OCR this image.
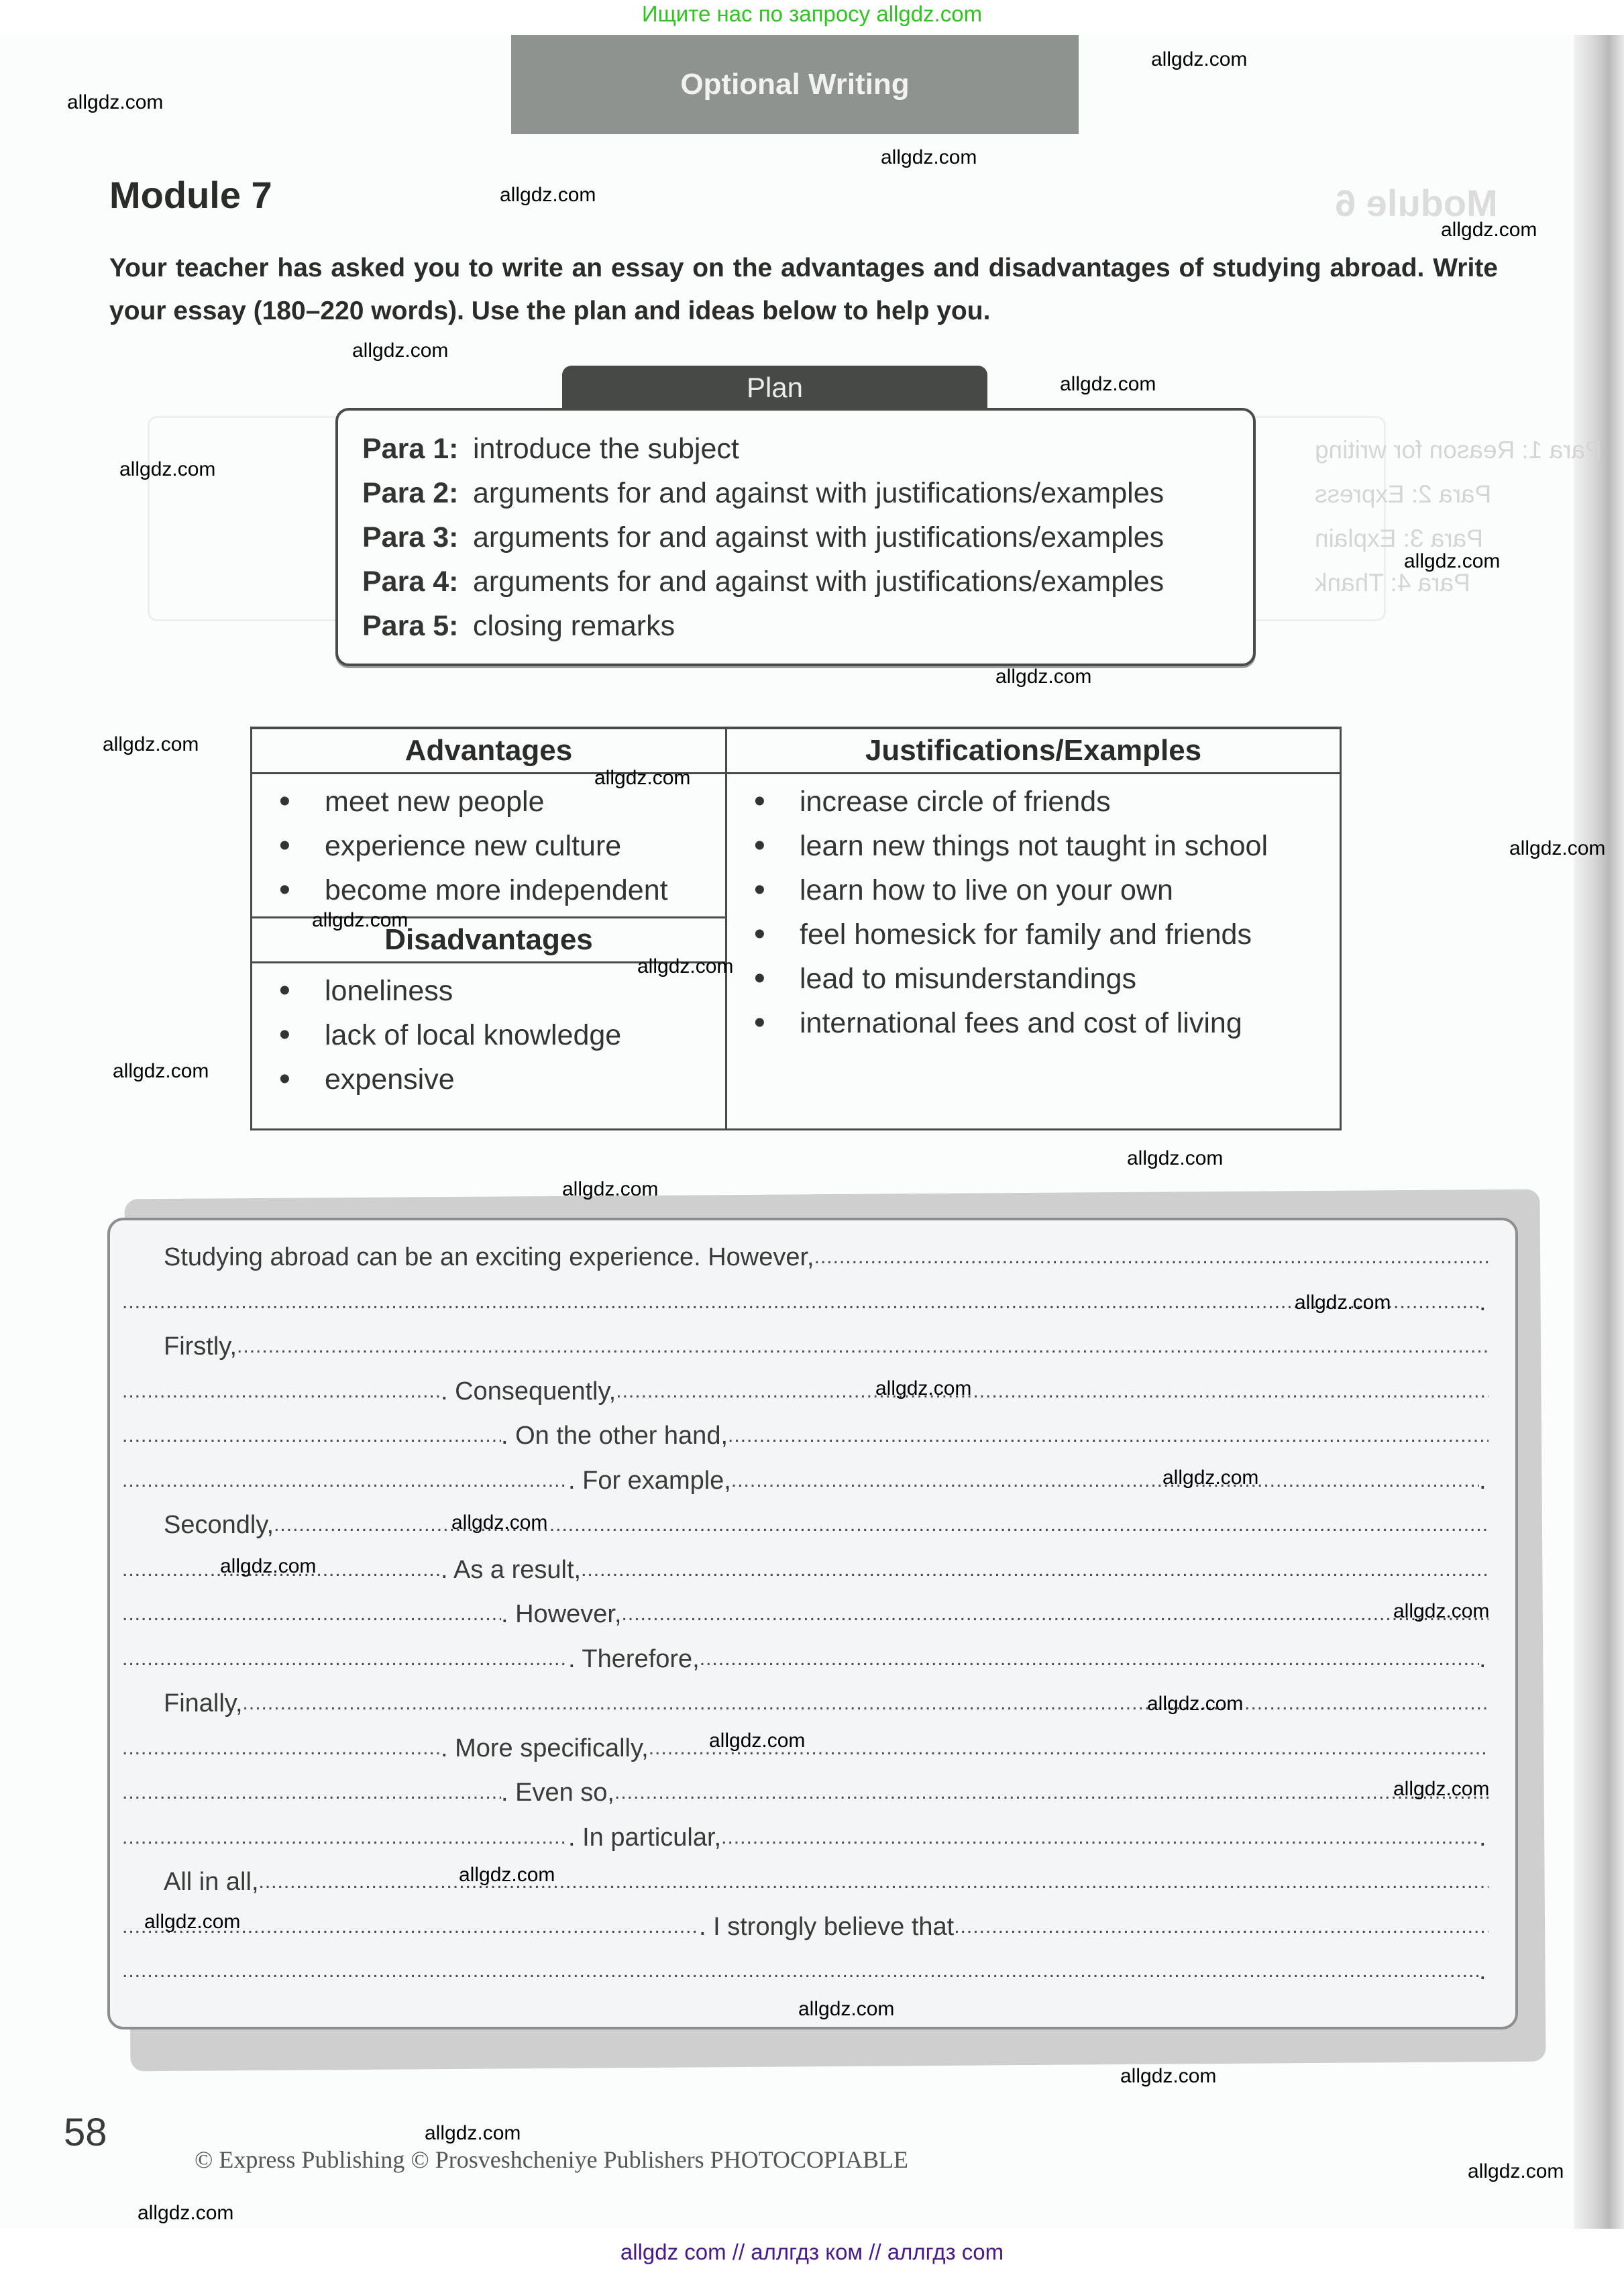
Ищите нас по запросу allgdz.com
Module 6
Para 1: Reason for writing
Para 2: Express
Para 3: Explain
Para 4: Thank
Optional Writing
Module 7
Your teacher has asked you to write an essay on the advantages and disadvantages of studying abroad. Write your essay (180–220 words). Use the plan and ideas below to help you.
Plan
Para 1: introduce the subject
Para 2: arguments for and against with justifications/examples
Para 3: arguments for and against with justifications/examples
Para 4: arguments for and against with justifications/examples
Para 5: closing remarks
Advantages
• meet new people
• experience new culture
• become more independent
Disadvantages
• loneliness
• lack of local knowledge
• expensive
Justifications/Examples
• increase circle of friends
• learn new things not taught in school
• learn how to live on your own
• feel homesick for family and friends
• lead to misunderstandings
• international fees and cost of living
Studying abroad can be an exciting experience. However,
.....
.....
.
Firstly,
.....
.....
. Consequently,
.....
.....
. On the other hand,
.....
.....
. For example, .....	.
Secondly,
.....
.....
. As a result,
.....
.....
. However,
.....
.....
. Therefore, .....	.
Finally,
.....
.....
. More specifically,
.....
.....
. Even so,
.....
.....
. In particular, .....	.
All in all,
.....
.....
. I strongly believe that
.....
.....
.
58
© Express Publishing © Prosveshcheniye Publishers PHOTOCOPIABLE
allgdz.com
allgdz.com
allgdz.com
allgdz.com
allgdz.com
allgdz.com
allgdz.com
allgdz.com
allgdz.com
allgdz.com
allgdz.com
allgdz.com
allgdz.com
allgdz.com
allgdz.com
allgdz.com
allgdz.com
allgdz.com
allgdz.com
allgdz.com
allgdz.com
allgdz.com
allgdz.com
allgdz.com
allgdz.com
allgdz.com
allgdz.com
allgdz.com
allgdz.com
allgdz.com
allgdz.com
allgdz.com
allgdz.com
allgdz.com
allgdz com // аллгдз ком // аллгдз com
